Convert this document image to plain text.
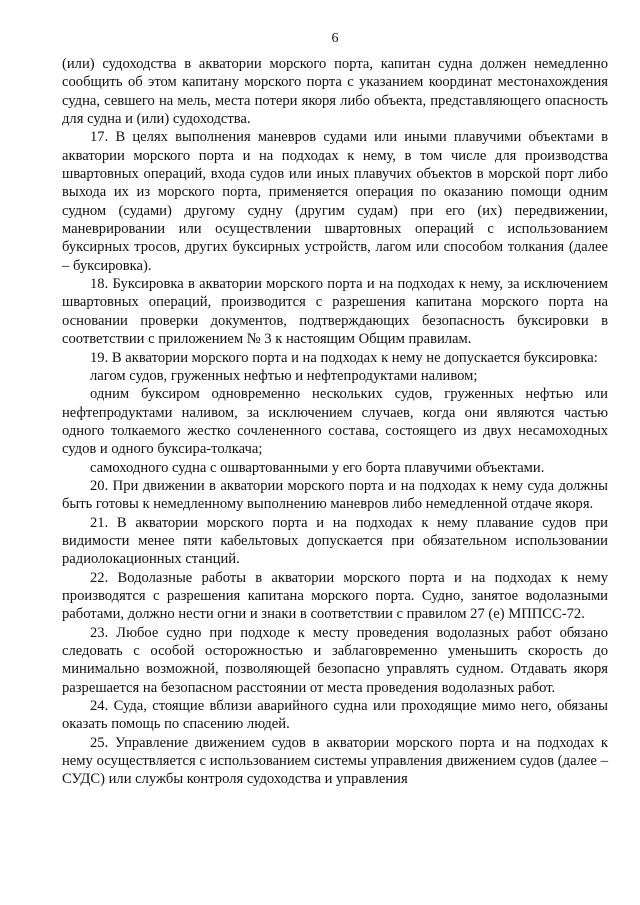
6

(или) судоходства в акватории морского порта, капитан судна должен немедленно сообщить об этом капитану морского порта с указанием координат местонахождения судна, севшего на мель, места потери якоря либо объекта, представляющего опасность для судна и (или) судоходства.

17. В целях выполнения маневров судами или иными плавучими объектами в акватории морского порта и на подходах к нему, в том числе для производства швартовных операций, входа судов или иных плавучих объектов в морской порт либо выхода их из морского порта, применяется операция по оказанию помощи одним судном (судами) другому судну (другим судам) при его (их) передвижении, маневрировании или осуществлении швартовных операций с использованием буксирных тросов, других буксирных устройств, лагом или способом толкания (далее – буксировка).

18. Буксировка в акватории морского порта и на подходах к нему, за исключением швартовных операций, производится с разрешения капитана морского порта на основании проверки документов, подтверждающих безопасность буксировки в соответствии с приложением № 3 к настоящим Общим правилам.

19. В акватории морского порта и на подходах к нему не допускается буксировка:

лагом судов, груженных нефтью и нефтепродуктами наливом;

одним буксиром одновременно нескольких судов, груженных нефтью или нефтепродуктами наливом, за исключением случаев, когда они являются частью одного толкаемого жестко сочлененного состава, состоящего из двух несамоходных судов и одного буксира-толкача;

самоходного судна с ошвартованными у его борта плавучими объектами.

20. При движении в акватории морского порта и на подходах к нему суда должны быть готовы к немедленному выполнению маневров либо немедленной отдаче якоря.

21. В акватории морского порта и на подходах к нему плавание судов при видимости менее пяти кабельтовых допускается при обязательном использовании радиолокационных станций.

22. Водолазные работы в акватории морского порта и на подходах к нему производятся с разрешения капитана морского порта. Судно, занятое водолазными работами, должно нести огни и знаки в соответствии с правилом 27 (е) МППСС-72.

23. Любое судно при подходе к месту проведения водолазных работ обязано следовать с особой осторожностью и заблаговременно уменьшить скорость до минимально возможной, позволяющей безопасно управлять судном. Отдавать якоря разрешается на безопасном расстоянии от места проведения водолазных работ.

24. Суда, стоящие вблизи аварийного судна или проходящие мимо него, обязаны оказать помощь по спасению людей.

25. Управление движением судов в акватории морского порта и на подходах к нему осуществляется с использованием системы управления движением судов (далее – СУДС) или службы контроля судоходства и управления
